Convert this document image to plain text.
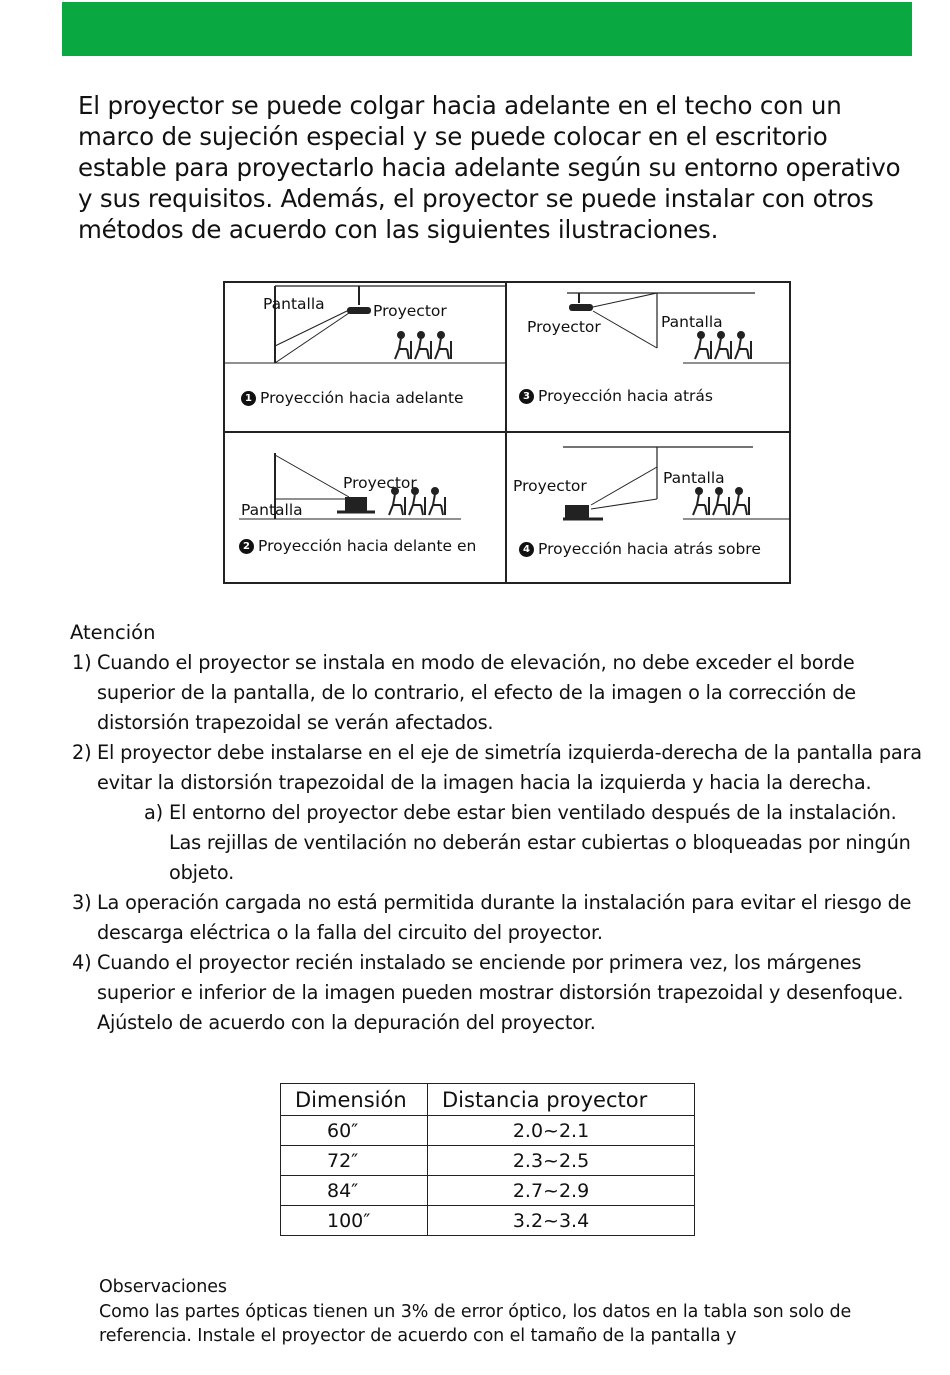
El proyector se puede colgar hacia adelante en el techo con un marco de sujeción especial y se puede colocar en el escritorio estable para proyectarlo hacia adelante según su entorno operativo y sus requisitos. Además, el proyector se puede instalar con otros métodos de acuerdo con las siguientes ilustraciones.
Pantalla	Proyector
1 Proyección hacia adelante
Proyector	Pantalla
3 Proyección hacia atrás
Proyector
Pantalla
2 Proyección hacia delante en
Proyector	Pantalla
4 Proyección hacia atrás sobre
Atención
1) Cuando el proyector se instala en modo de elevación, no debe exceder el borde superior de la pantalla, de lo contrario, el efecto de la imagen o la corrección de distorsión trapezoidal se verán afectados.
2) El proyector debe instalarse en el eje de simetría izquierda-derecha de la pantalla para evitar la distorsión trapezoidal de la imagen hacia la izquierda y hacia la derecha.
a) El entorno del proyector debe estar bien ventilado después de la instalación. Las rejillas de ventilación no deberán estar cubiertas o bloqueadas por ningún objeto.
3) La operación cargada no está permitida durante la instalación para evitar el riesgo de descarga eléctrica o la falla del circuito del proyector.
4) Cuando el proyector recién instalado se enciende por primera vez, los márgenes superior e inferior de la imagen pueden mostrar distorsión trapezoidal y desenfoque. Ajústelo de acuerdo con la depuración del proyector.
Dimensión	Distancia proyector
60″	2.0~2.1
72″	2.3~2.5
84″	2.7~2.9
100″	3.2~3.4
Observaciones
Como las partes ópticas tienen un 3% de error óptico, los datos en la tabla son solo de referencia. Instale el proyector de acuerdo con el tamaño de la pantalla y
